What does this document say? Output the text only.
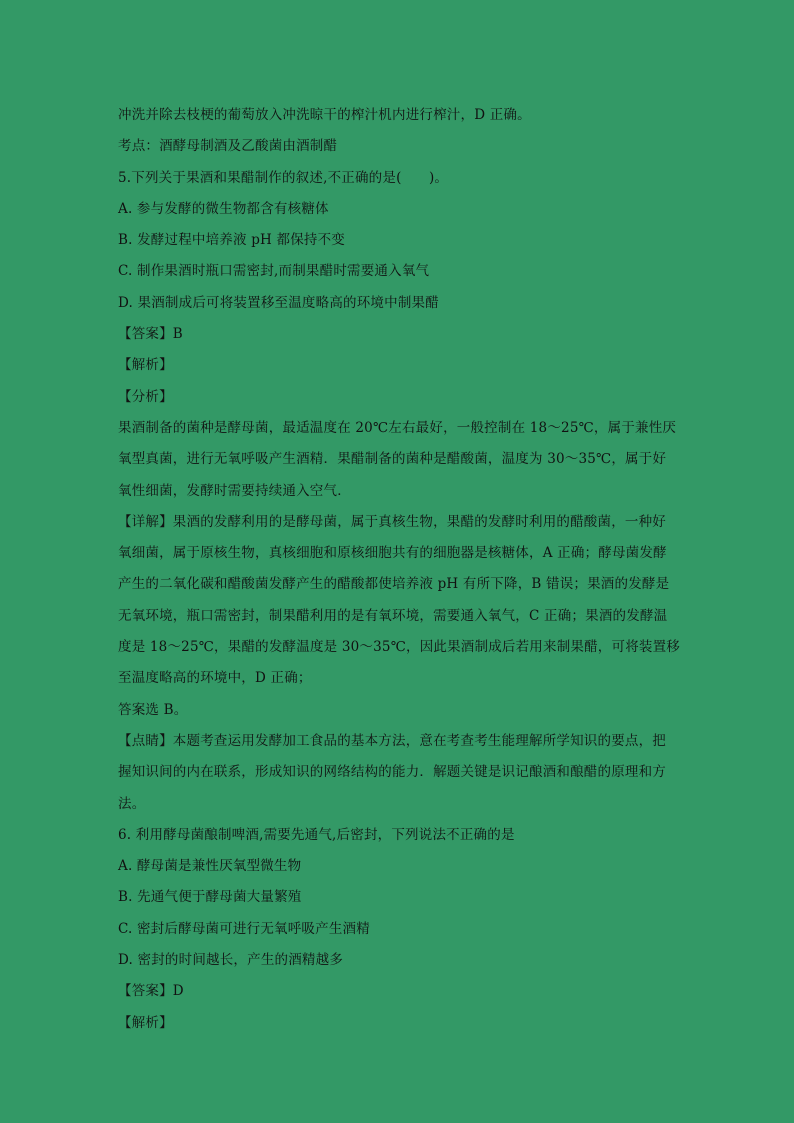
冲洗并除去枝梗的葡萄放入冲洗晾干的榨汁机内进行榨汁，D 正确。
考点：酒酵母制酒及乙酸菌由酒制醋
5.下列关于果酒和果醋制作的叙述,不正确的是(　　)。
A. 参与发酵的微生物都含有核糖体
B. 发酵过程中培养液 pH 都保持不变
C. 制作果酒时瓶口需密封,而制果醋时需要通入氧气
D. 果酒制成后可将装置移至温度略高的环境中制果醋
【答案】B
【解析】
【分析】
果酒制备的菌种是酵母菌，最适温度在 20℃左右最好，一般控制在 18～25℃，属于兼性厌
氧型真菌，进行无氧呼吸产生酒精．果醋制备的菌种是醋酸菌，温度为 30～35℃，属于好
氧性细菌，发酵时需要持续通入空气．
【详解】果酒的发酵利用的是酵母菌，属于真核生物，果醋的发酵时利用的醋酸菌，一种好
氧细菌，属于原核生物，真核细胞和原核细胞共有的细胞器是核糖体，A 正确；酵母菌发酵
产生的二氧化碳和醋酸菌发酵产生的醋酸都使培养液 pH 有所下降，B 错误；果酒的发酵是
无氧环境，瓶口需密封，制果醋利用的是有氧环境，需要通入氧气，C 正确；果酒的发酵温
度是 18～25℃，果醋的发酵温度是 30～35℃，因此果酒制成后若用来制果醋，可将装置移
至温度略高的环境中，D 正确；
答案选 B。
【点睛】本题考查运用发酵加工食品的基本方法，意在考查考生能理解所学知识的要点，把
握知识间的内在联系，形成知识的网络结构的能力．解题关键是识记酿酒和酿醋的原理和方
法。
6. 利用酵母菌酿制啤酒,需要先通气,后密封，下列说法不正确的是
A. 酵母菌是兼性厌氧型微生物
B. 先通气便于酵母菌大量繁殖
C. 密封后酵母菌可进行无氧呼吸产生酒精
D. 密封的时间越长，产生的酒精越多
【答案】D
【解析】
